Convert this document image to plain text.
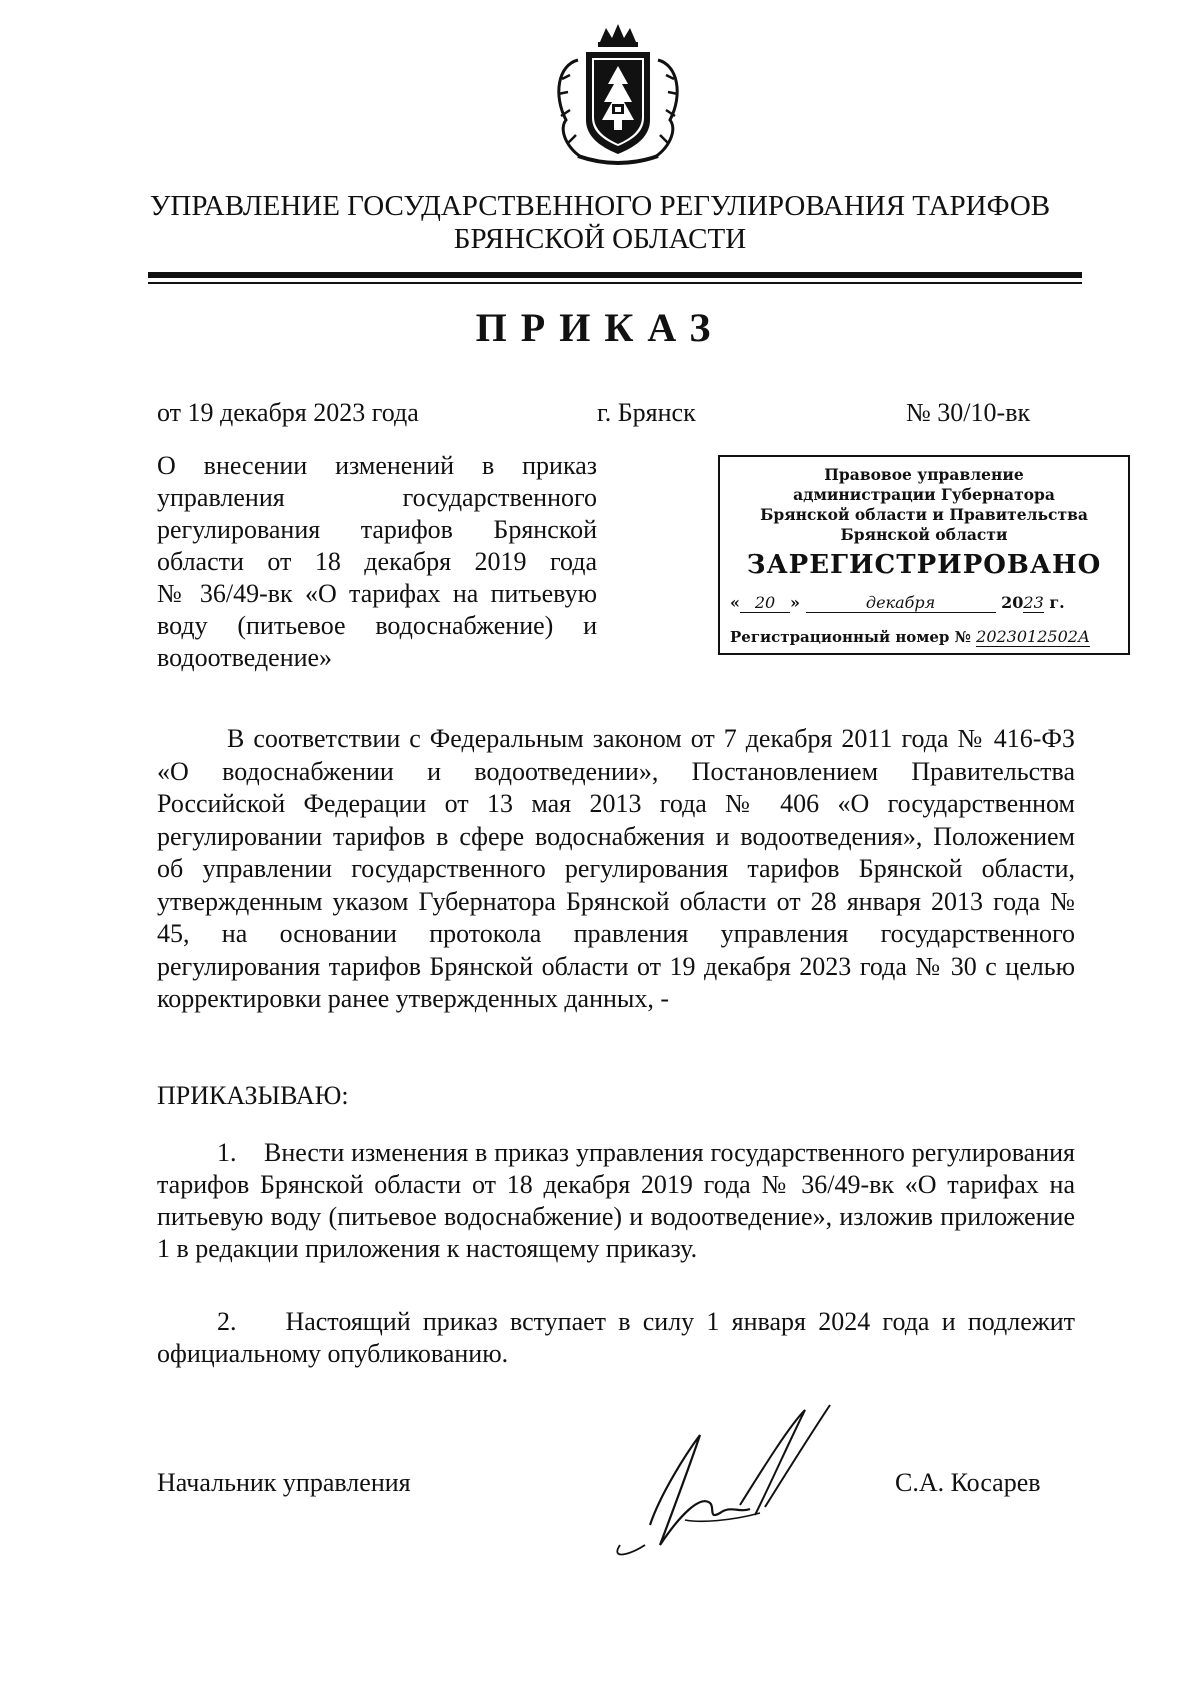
УПРАВЛЕНИЕ ГОСУДАРСТВЕННОГО РЕГУЛИРОВАНИЯ ТАРИФОВ
БРЯНСКОЙ ОБЛАСТИ
ПРИКАЗ
от 19 декабря 2023 года	г. Брянск	№ 30/10-вк
О внесении изменений в приказ
управления государственного
регулирования тарифов Брянской
области от 18 декабря 2019 года
№ 36/49-вк «О тарифах на питьевую
воду (питьевое водоснабжение) и
водоотведение»
Правовое управление
администрации Губернатора
Брянской области и Правительства
Брянской области
ЗАРЕГИСТРИРОВАНО
« 20 »	декабря	2023 г.
Регистрационный номер № 2023012502А
В соответствии с Федеральным законом от 7 декабря 2011 года № 416-ФЗ «О водоснабжении и водоотведении», Постановлением Правительства Российской Федерации от 13 мая 2013 года № 406 «О государственном регулировании тарифов в сфере водоснабжения и водоотведения», Положением об управлении государственного регулирования тарифов Брянской области, утвержденным указом Губернатора Брянской области от 28 января 2013 года № 45, на основании протокола правления управления государственного регулирования тарифов Брянской области от 19 декабря 2023 года № 30 с целью корректировки ранее утвержденных данных, -
ПРИКАЗЫВАЮ:
1.    Внести изменения в приказ управления государственного регулирования тарифов Брянской области от 18 декабря 2019 года № 36/49-вк «О тарифах на питьевую воду (питьевое водоснабжение) и водоотведение», изложив приложение 1 в редакции приложения к настоящему приказу.
2.    Настоящий приказ вступает в силу 1 января 2024 года и подлежит официальному опубликованию.
Начальник управления	С.А. Косарев
